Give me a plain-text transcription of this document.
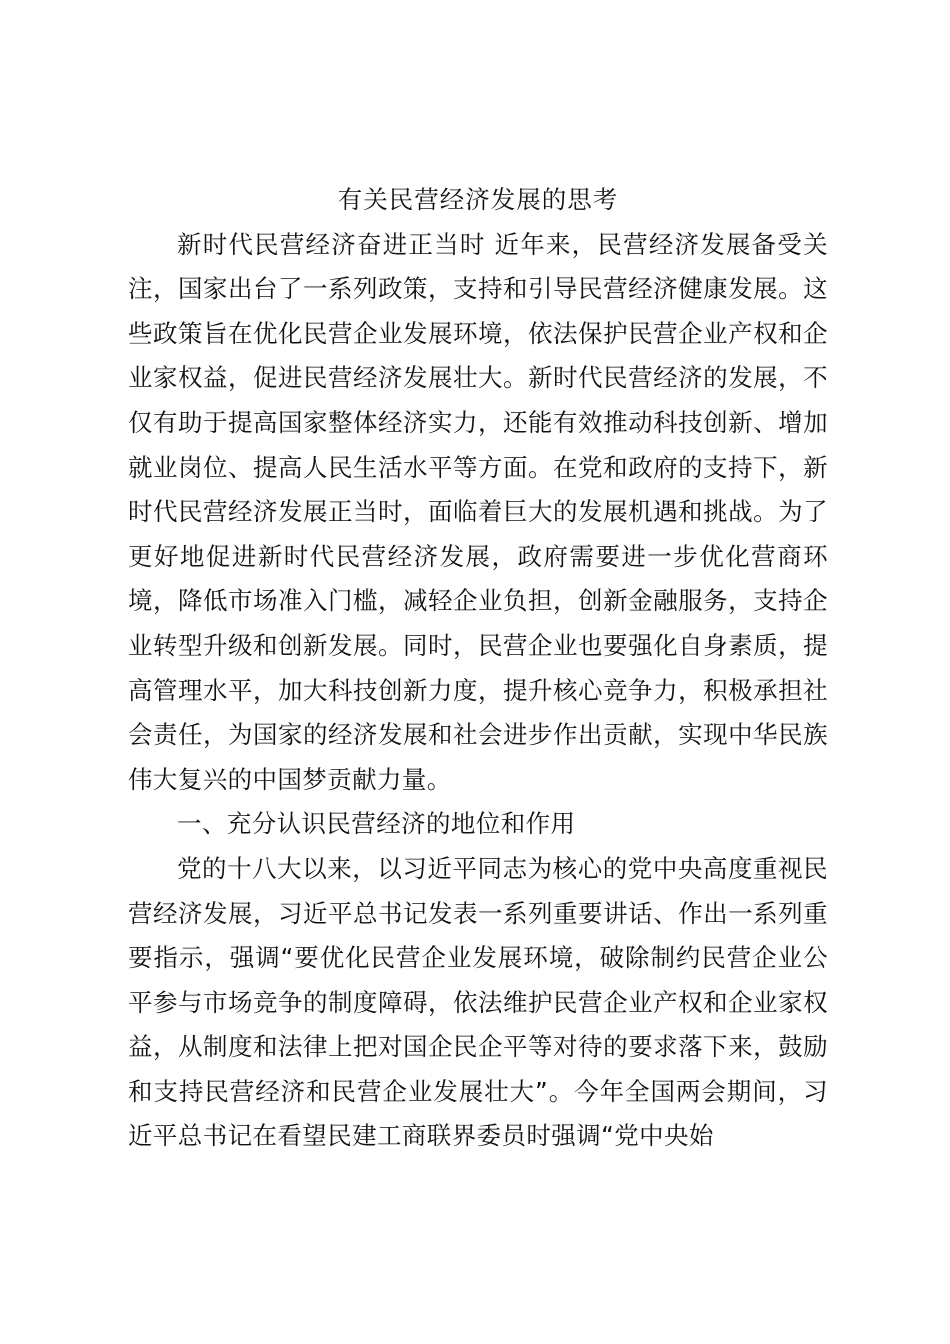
有关民营经济发展的思考

新时代民营经济奋进正当时 近年来，民营经济发展备受关注，国家出台了一系列政策，支持和引导民营经济健康发展。这些政策旨在优化民营企业发展环境，依法保护民营企业产权和企业家权益，促进民营经济发展壮大。新时代民营经济的发展，不仅有助于提高国家整体经济实力，还能有效推动科技创新、增加就业岗位、提高人民生活水平等方面。在党和政府的支持下，新时代民营经济发展正当时，面临着巨大的发展机遇和挑战。为了更好地促进新时代民营经济发展，政府需要进一步优化营商环境，降低市场准入门槛，减轻企业负担，创新金融服务，支持企业转型升级和创新发展。同时，民营企业也要强化自身素质，提高管理水平，加大科技创新力度，提升核心竞争力，积极承担社会责任，为国家的经济发展和社会进步作出贡献，实现中华民族伟大复兴的中国梦贡献力量。

一、充分认识民营经济的地位和作用

党的十八大以来，以习近平同志为核心的党中央高度重视民营经济发展，习近平总书记发表一系列重要讲话、作出一系列重要指示，强调“要优化民营企业发展环境，破除制约民营企业公平参与市场竞争的制度障碍，依法维护民营企业产权和企业家权益，从制度和法律上把对国企民企平等对待的要求落下来，鼓励和支持民营经济和民营企业发展壮大”。今年全国两会期间，习近平总书记在看望民建工商联界委员时强调“党中央始
